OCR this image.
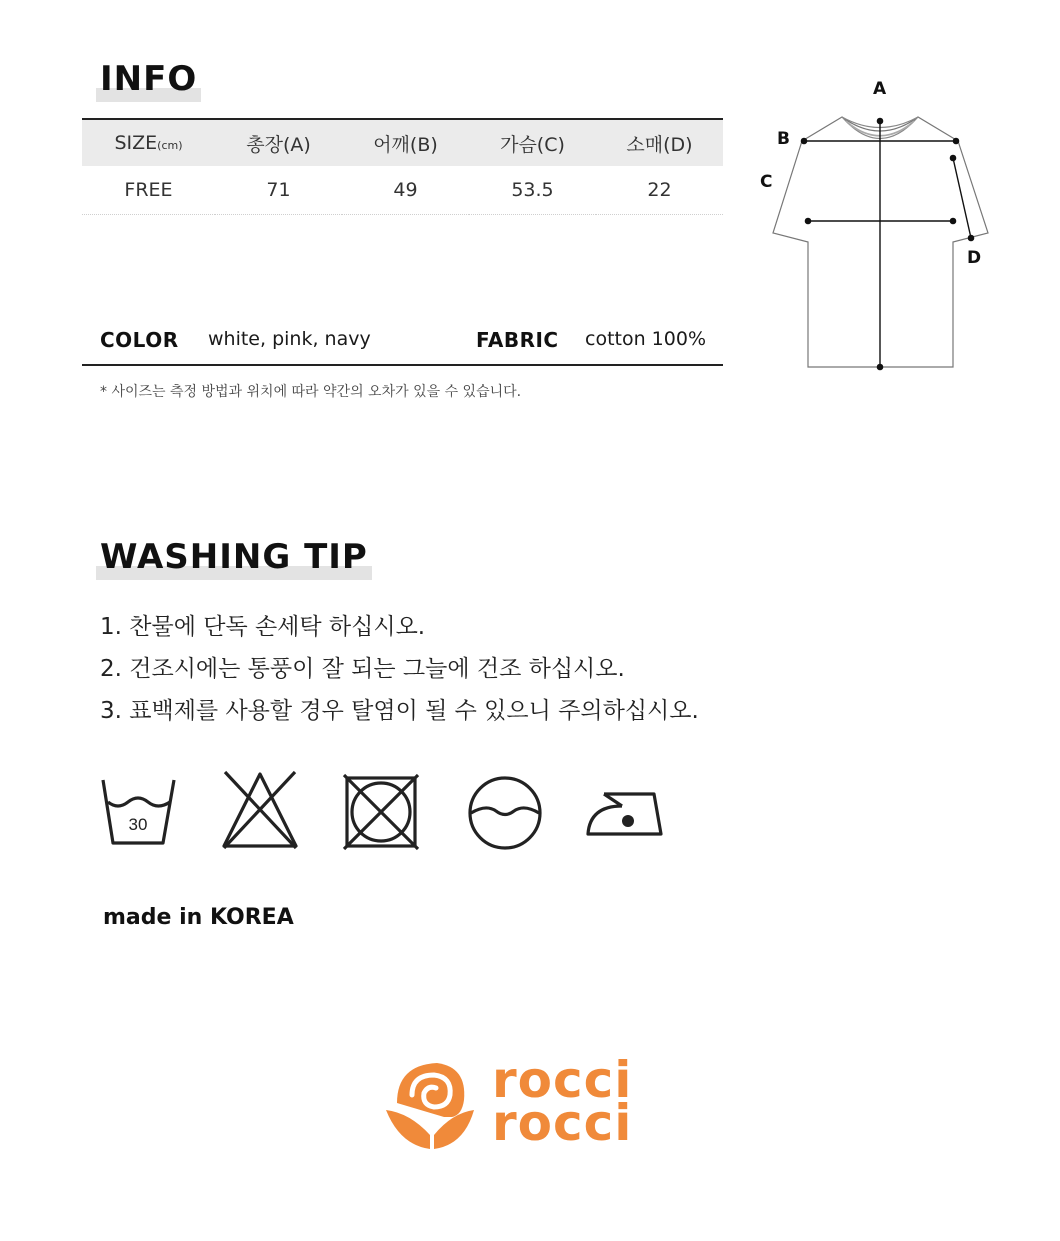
INFO
SIZE(cm)	총장(A)	어깨(B)	가슴(C)	소매(D)
FREE	71	49	53.5	22
COLOR white, pink, navy	FABRIC cotton 100%
* 사이즈는 측정 방법과 위치에 따라 약간의 오차가 있을 수 있습니다.
A
B
C
D
WASHING TIP
1. 찬물에 단독 손세탁 하십시오.
2. 건조시에는 통풍이 잘 되는 그늘에 건조 하십시오.
3. 표백제를 사용할 경우 탈염이 될 수 있으니 주의하십시오.
30
made in KOREA
rocci
rocci
